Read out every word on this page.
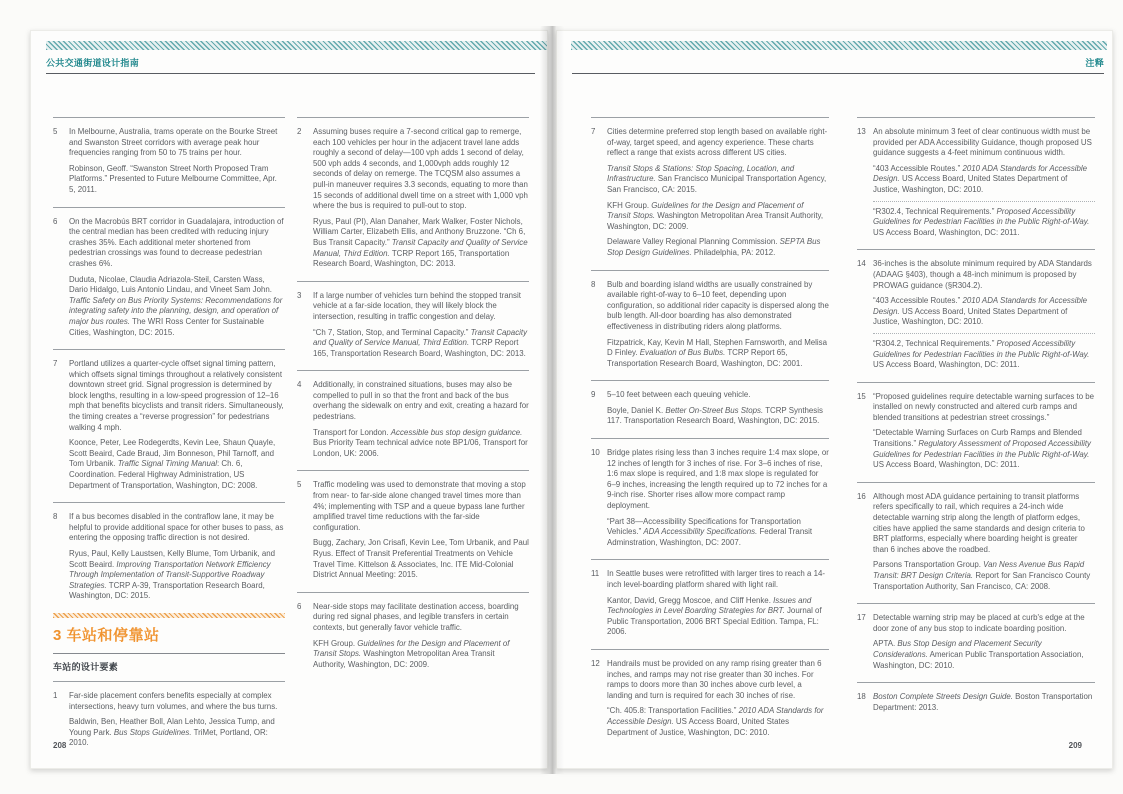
公共交通街道设计指南
5	In Melbourne, Australia, trams operate on the Bourke Street and Swanston Street corridors with average peak hour frequencies ranging from 50 to 75 trains per hour.

Robinson, Geoff. “Swanston Street North Proposed Tram Platforms.” Presented to Future Melbourne Committee, Apr. 5, 2011.

6	On the Macrobús BRT corridor in Guadalajara, introduction of the central median has been credited with reducing injury crashes 35%. Each additional meter shortened from pedestrian crossings was found to decrease pedestrian crashes 6%.

Duduta, Nicolae, Claudia Adriazola-Steil, Carsten Wass, Dario Hidalgo, Luis Antonio Lindau, and Vineet Sam John. Traffic Safety on Bus Priority Systems: Recommendations for integrating safety into the planning, design, and operation of major bus routes. The WRI Ross Center for Sustainable Cities, Washington, DC: 2015.

7	Portland utilizes a quarter-cycle offset signal timing pattern, which offsets signal timings throughout a relatively consistent downtown street grid. Signal progression is determined by block lengths, resulting in a low-speed progression of 12–16 mph that benefits bicyclists and transit riders. Simultaneously, the timing creates a “reverse progression” for pedestrians walking 4 mph.

Koonce, Peter, Lee Rodegerdts, Kevin Lee, Shaun Quayle, Scott Beaird, Cade Braud, Jim Bonneson, Phil Tarnoff, and Tom Urbanik. Traffic Signal Timing Manual: Ch. 6, Coordination. Federal Highway Administration, US Department of Transportation, Washington, DC: 2008.

8	If a bus becomes disabled in the contraflow lane, it may be helpful to provide additional space for other buses to pass, as entering the opposing traffic direction is not desired.

Ryus, Paul, Kelly Laustsen, Kelly Blume, Tom Urbanik, and Scott Beaird. Improving Transportation Network Efficiency Through Implementation of Transit-Supportive Roadway Strategies. TCRP A-39, Transportation Research Board, Washington, DC: 2015.

3 车站和停靠站
车站的设计要素
1	Far-side placement confers benefits especially at complex intersections, heavy turn volumes, and where the bus turns.

Baldwin, Ben, Heather Boll, Alan Lehto, Jessica Tump, and Young Park. Bus Stops Guidelines. TriMet, Portland, OR: 2010.

2	Assuming buses require a 7-second critical gap to remerge, each 100 vehicles per hour in the adjacent travel lane adds roughly a second of delay—100 vph adds 1 second of delay, 500 vph adds 4 seconds, and 1,000vph adds roughly 12 seconds of delay on remerge. The TCQSM also assumes a pull-in maneuver requires 3.3 seconds, equating to more than 15 seconds of additional dwell time on a street with 1,000 vph where the bus is required to pull-out to stop.

Ryus, Paul (PI), Alan Danaher, Mark Walker, Foster Nichols, William Carter, Elizabeth Ellis, and Anthony Bruzzone. “Ch 6, Bus Transit Capacity.” Transit Capacity and Quality of Service Manual, Third Edition. TCRP Report 165, Transportation Research Board, Washington, DC: 2013.

3	If a large number of vehicles turn behind the stopped transit vehicle at a far-side location, they will likely block the intersection, resulting in traffic congestion and delay.

“Ch 7, Station, Stop, and Terminal Capacity.” Transit Capacity and Quality of Service Manual, Third Edition. TCRP Report 165, Transportation Research Board, Washington, DC: 2013.

4	Additionally, in constrained situations, buses may also be compelled to pull in so that the front and back of the bus overhang the sidewalk on entry and exit, creating a hazard for pedestrians.

Transport for London. Accessible bus stop design guidance. Bus Priority Team technical advice note BP1/06, Transport for London, UK: 2006.

5	Traffic modeling was used to demonstrate that moving a stop from near- to far-side alone changed travel times more than 4%; implementing with TSP and a queue bypass lane further amplified travel time reductions with the far-side configuration.

Bugg, Zachary, Jon Crisafi, Kevin Lee, Tom Urbanik, and Paul Ryus. Effect of Transit Preferential Treatments on Vehicle Travel Time. Kittelson & Associates, Inc. ITE Mid-Colonial District Annual Meeting: 2015.

6	Near-side stops may facilitate destination access, boarding during red signal phases, and legible transfers in certain contexts, but generally favor vehicle traffic.

KFH Group. Guidelines for the Design and Placement of Transit Stops. Washington Metropolitan Area Transit Authority, Washington, DC: 2009.

208
注释
7	Cities determine preferred stop length based on available right-of-way, target speed, and agency experience. These charts reflect a range that exists across different US cities.

Transit Stops & Stations: Stop Spacing, Location, and Infrastructure. San Francisco Municipal Transportation Agency, San Francisco, CA: 2015.

KFH Group. Guidelines for the Design and Placement of Transit Stops. Washington Metropolitan Area Transit Authority, Washington, DC: 2009.

Delaware Valley Regional Planning Commission. SEPTA Bus Stop Design Guidelines. Philadelphia, PA: 2012.

8	Bulb and boarding island widths are usually constrained by available right-of-way to 6–10 feet, depending upon configuration, so additional rider capacity is dispersed along the bulb length. All-door boarding has also demonstrated effectiveness in distributing riders along platforms.

Fitzpatrick, Kay, Kevin M Hall, Stephen Farnsworth, and Melisa D Finley. Evaluation of Bus Bulbs. TCRP Report 65, Transportation Research Board, Washington, DC: 2001.

9	5–10 feet between each queuing vehicle.

Boyle, Daniel K. Better On-Street Bus Stops. TCRP Synthesis 117. Transportation Research Board, Washington, DC: 2015.

10 Bridge plates rising less than 3 inches require 1:4 max slope, or 12 inches of length for 3 inches of rise. For 3–6 inches of rise, 1:6 max slope is required, and 1:8 max slope is regulated for 6–9 inches, increasing the length required up to 72 inches for a 9-inch rise. Shorter rises allow more compact ramp deployment.

“Part 38—Accessibility Specifications for Transportation Vehicles.” ADA Accessibility Specifications. Federal Transit Adminstration, Washington, DC: 2007.

11 In Seattle buses were retrofitted with larger tires to reach a 14-inch level-boarding platform shared with light rail.

Kantor, David, Gregg Moscoe, and Cliff Henke. Issues and Technologies in Level Boarding Strategies for BRT. Journal of Public Transportation, 2006 BRT Special Edition. Tampa, FL: 2006.

12 Handrails must be provided on any ramp rising greater than 6 inches, and ramps may not rise greater than 30 inches. For ramps to doors more than 30 inches above curb level, a landing and turn is required for each 30 inches of rise.

“Ch. 405.8: Transportation Facilities.” 2010 ADA Standards for Accessible Design. US Access Board, United States Department of Justice, Washington, DC: 2010.

13 An absolute minimum 3 feet of clear continuous width must be provided per ADA Accessibility Guidance, though proposed US guidance suggests a 4-feet minimum continuous width.

“403 Accessible Routes.” 2010 ADA Standards for Accessible Design. US Access Board, United States Department of Justice, Washington, DC: 2010.

“R302.4, Technical Requirements.” Proposed Accessibility Guidelines for Pedestrian Facilities in the Public Right-of-Way. US Access Board, Washington, DC: 2011.

14 36-inches is the absolute minimum required by ADA Standards (ADAAG §403), though a 48-inch minimum is proposed by PROWAG guidance (§R304.2).

“403 Accessible Routes.” 2010 ADA Standards for Accessible Design. US Access Board, United States Department of Justice, Washington, DC: 2010.

“R304.2, Technical Requirements.” Proposed Accessibility Guidelines for Pedestrian Facilities in the Public Right-of-Way. US Access Board, Washington, DC: 2011.

15 “Proposed guidelines require detectable warning surfaces to be installed on newly constructed and altered curb ramps and blended transitions at pedestrian street crossings.”

“Detectable Warning Surfaces on Curb Ramps and Blended Transitions.” Regulatory Assessment of Proposed Accessibility Guidelines for Pedestrian Facilities in the Public Right-of-Way. US Access Board, Washington, DC: 2011.

16 Although most ADA guidance pertaining to transit platforms refers specifically to rail, which requires a 24-inch wide detectable warning strip along the length of platform edges, cities have applied the same standards and design criteria to BRT platforms, especially where boarding height is greater than 6 inches above the roadbed.

Parsons Transportation Group. Van Ness Avenue Bus Rapid Transit: BRT Design Criteria. Report for San Francisco County Transportation Authority, San Francisco, CA: 2008.

17 Detectable warning strip may be placed at curb's edge at the door zone of any bus stop to indicate boarding position.

APTA. Bus Stop Design and Placement Security Considerations. American Public Transportation Association, Washington, DC: 2010.

18 Boston Complete Streets Design Guide. Boston Transportation Department: 2013.

209
